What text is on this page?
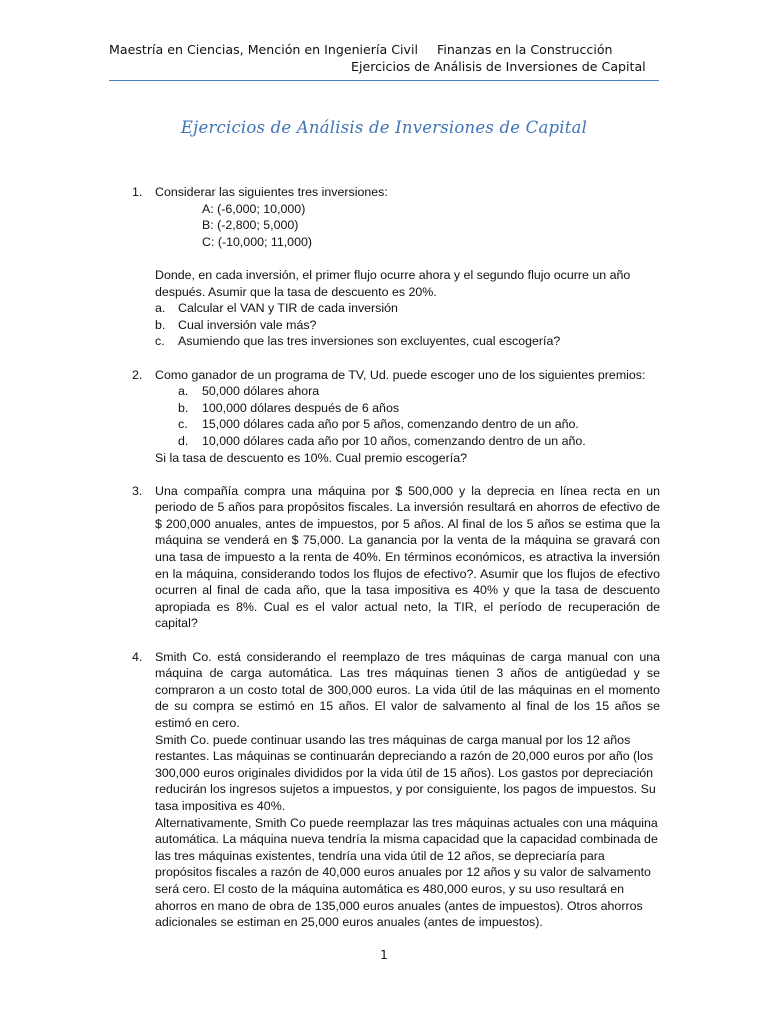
Maestría en Ciencias, Mención en Ingeniería Civil Finanzas en la Construcción
Ejercicios de Análisis de Inversiones de Capital
Ejercicios de Análisis de Inversiones de Capital
1. Considerar las siguientes tres inversiones:

A: (-6,000; 10,000)
B: (-2,800; 5,000)
C: (-10,000; 11,000)

Donde, en cada inversión, el primer flujo ocurre ahora y el segundo flujo ocurre un año después. Asumir que la tasa de descuento es 20%.

a. Calcular el VAN y TIR de cada inversión
b. Cual inversión vale más?
c. Asumiendo que las tres inversiones son excluyentes, cual escogería?
2. Como ganador de un programa de TV, Ud. puede escoger uno de los siguientes premios:

a. 50,000 dólares ahora
b. 100,000 dólares después de 6 años
c. 15,000 dólares cada año por 5 años, comenzando dentro de un año.
d. 10,000 dólares cada año por 10 años, comenzando dentro de un año.

Si la tasa de descuento es 10%. Cual premio escogería?

3. Una compañía compra una máquina por $ 500,000 y la deprecia en línea recta en un periodo de 5 años para propósitos fiscales. La inversión resultará en ahorros de efectivo de $ 200,000 anuales, antes de impuestos, por 5 años. Al final de los 5 años se estima que la máquina se venderá en $ 75,000. La ganancia por la venta de la máquina se gravará con una tasa de impuesto a la renta de 40%. En términos económicos, es atractiva la inversión en la máquina, considerando todos los flujos de efectivo?. Asumir que los flujos de efectivo ocurren al final de cada año, que la tasa impositiva es 40% y que la tasa de descuento apropiada es 8%. Cual es el valor actual neto, la TIR, el período de recuperación de capital?

4. Smith Co. está considerando el reemplazo de tres máquinas de carga manual con una máquina de carga automática. Las tres máquinas tienen 3 años de antigüedad y se compraron a un costo total de 300,000 euros. La vida útil de las máquinas en el momento de su compra se estimó en 15 años. El valor de salvamento al final de los 15 años se estimó en cero.

Smith Co. puede continuar usando las tres máquinas de carga manual por los 12 años restantes. Las máquinas se continuarán depreciando a razón de 20,000 euros por año (los 300,000 euros originales divididos por la vida útil de 15 años). Los gastos por depreciación reducirán los ingresos sujetos a impuestos, y por consiguiente, los pagos de impuestos. Su tasa impositiva es 40%.

Alternativamente, Smith Co puede reemplazar las tres máquinas actuales con una máquina automática. La máquina nueva tendría la misma capacidad que la capacidad combinada de las tres máquinas existentes, tendría una vida útil de 12 años, se depreciaría para propósitos fiscales a razón de 40,000 euros anuales por 12 años y su valor de salvamento será cero. El costo de la máquina automática es 480,000 euros, y su uso resultará en ahorros en mano de obra de 135,000 euros anuales (antes de impuestos). Otros ahorros adicionales se estiman en 25,000 euros anuales (antes de impuestos).

1
